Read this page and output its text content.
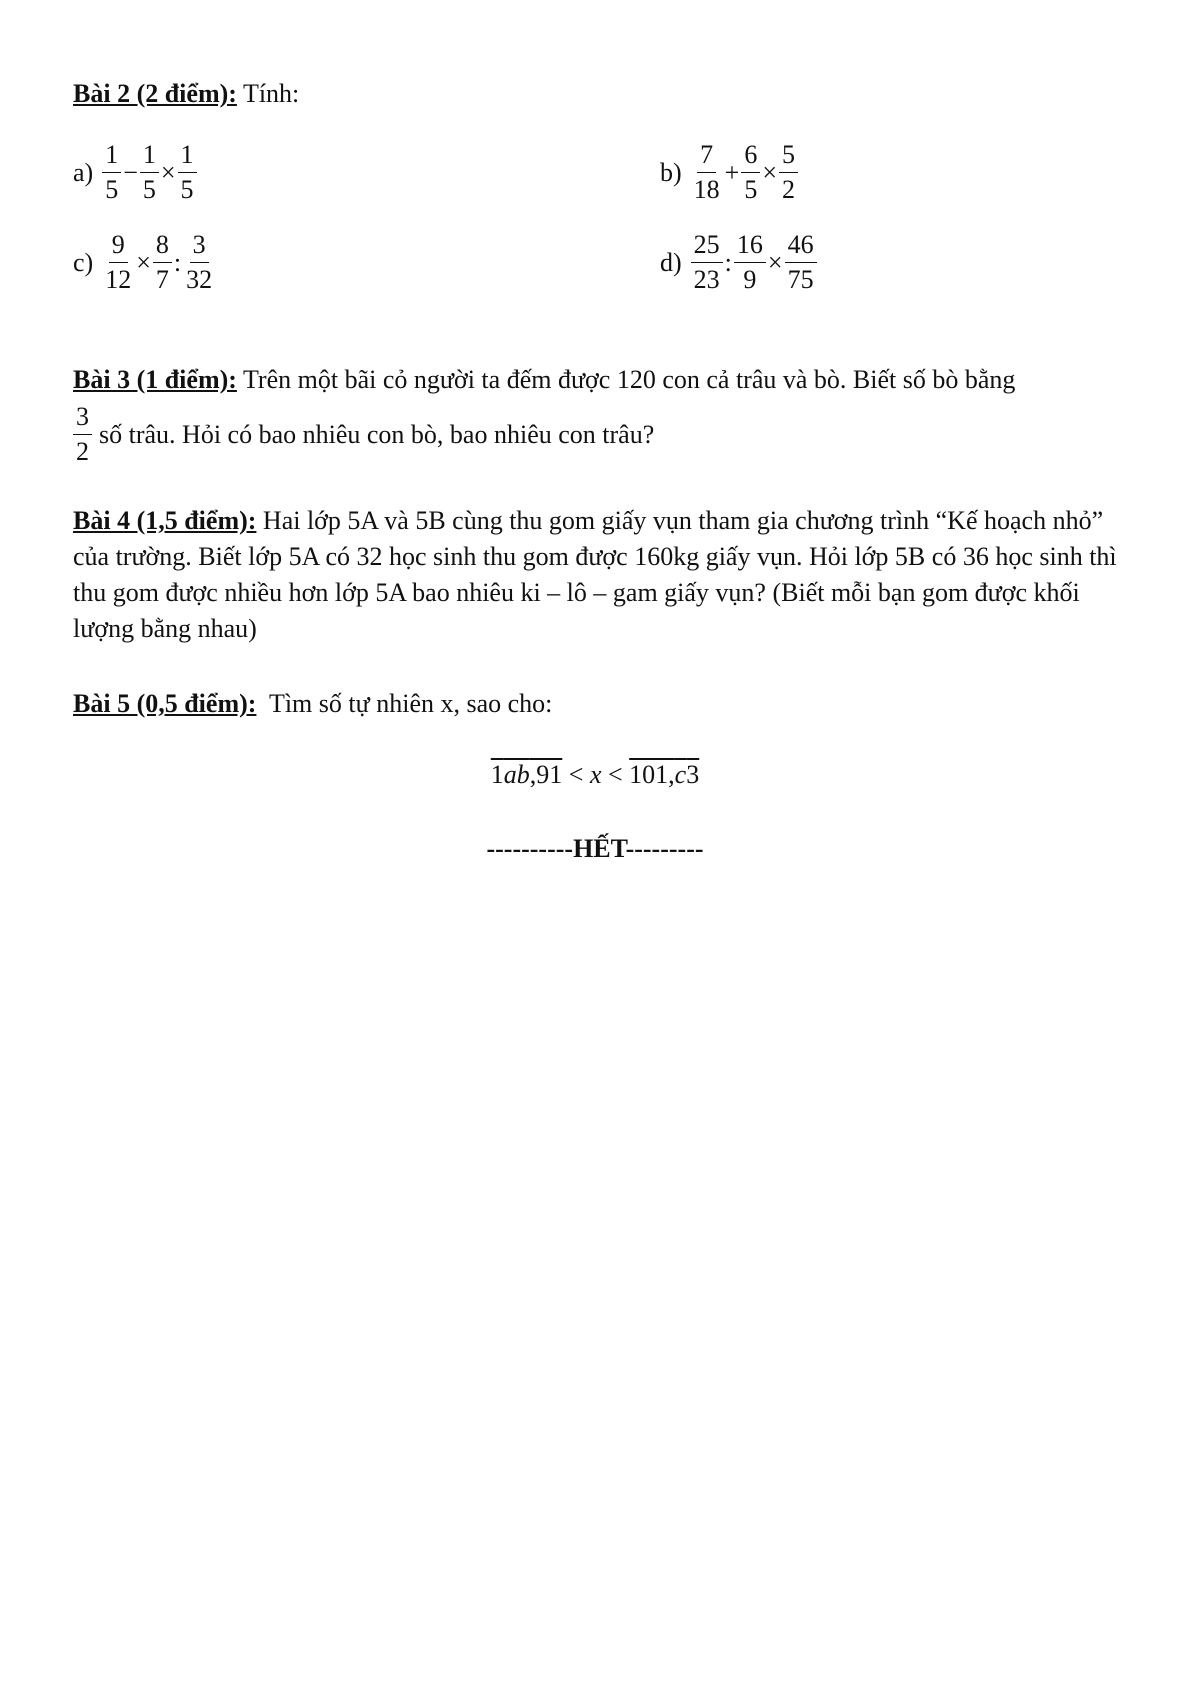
Bài 2 (2 điểm): Tính:
$a) \frac{1}{5} - \frac{1}{5} \times \frac{1}{5}$	$b) \frac{7}{18} + \frac{6}{5} \times \frac{5}{2}$
$c) \frac{9}{12} \times \frac{8}{7}$ : $\frac{3}{32}$	$d) \frac{25}{23}$ : $\frac{16}{9} \times \frac{46}{75}$
Bài 3 (1 điểm): Trên một bãi cỏ người ta đếm được 120 con cả trâu và bò. Biết số bò bằng
$\frac{3}{2}$ số trâu. Hỏi có bao nhiêu con bò, bao nhiêu con trâu?
Bài 4 (1,5 điểm): Hai lớp 5A và 5B cùng thu gom giấy vụn tham gia chương trình “Kế hoạch nhỏ” của trường. Biết lớp 5A có 32 học sinh thu gom được 160kg giấy vụn. Hỏi lớp 5B có 36 học sinh thì thu gom được nhiều hơn lớp 5A bao nhiêu ki – lô – gam giấy vụn? (Biết mỗi bạn gom được khối lượng bằng nhau)
Bài 5 (0,5 điểm):  Tìm số tự nhiên x, sao cho:
$1\overline{ab},91 < x < 101,\overline{c}3$
----------HẾT---------
